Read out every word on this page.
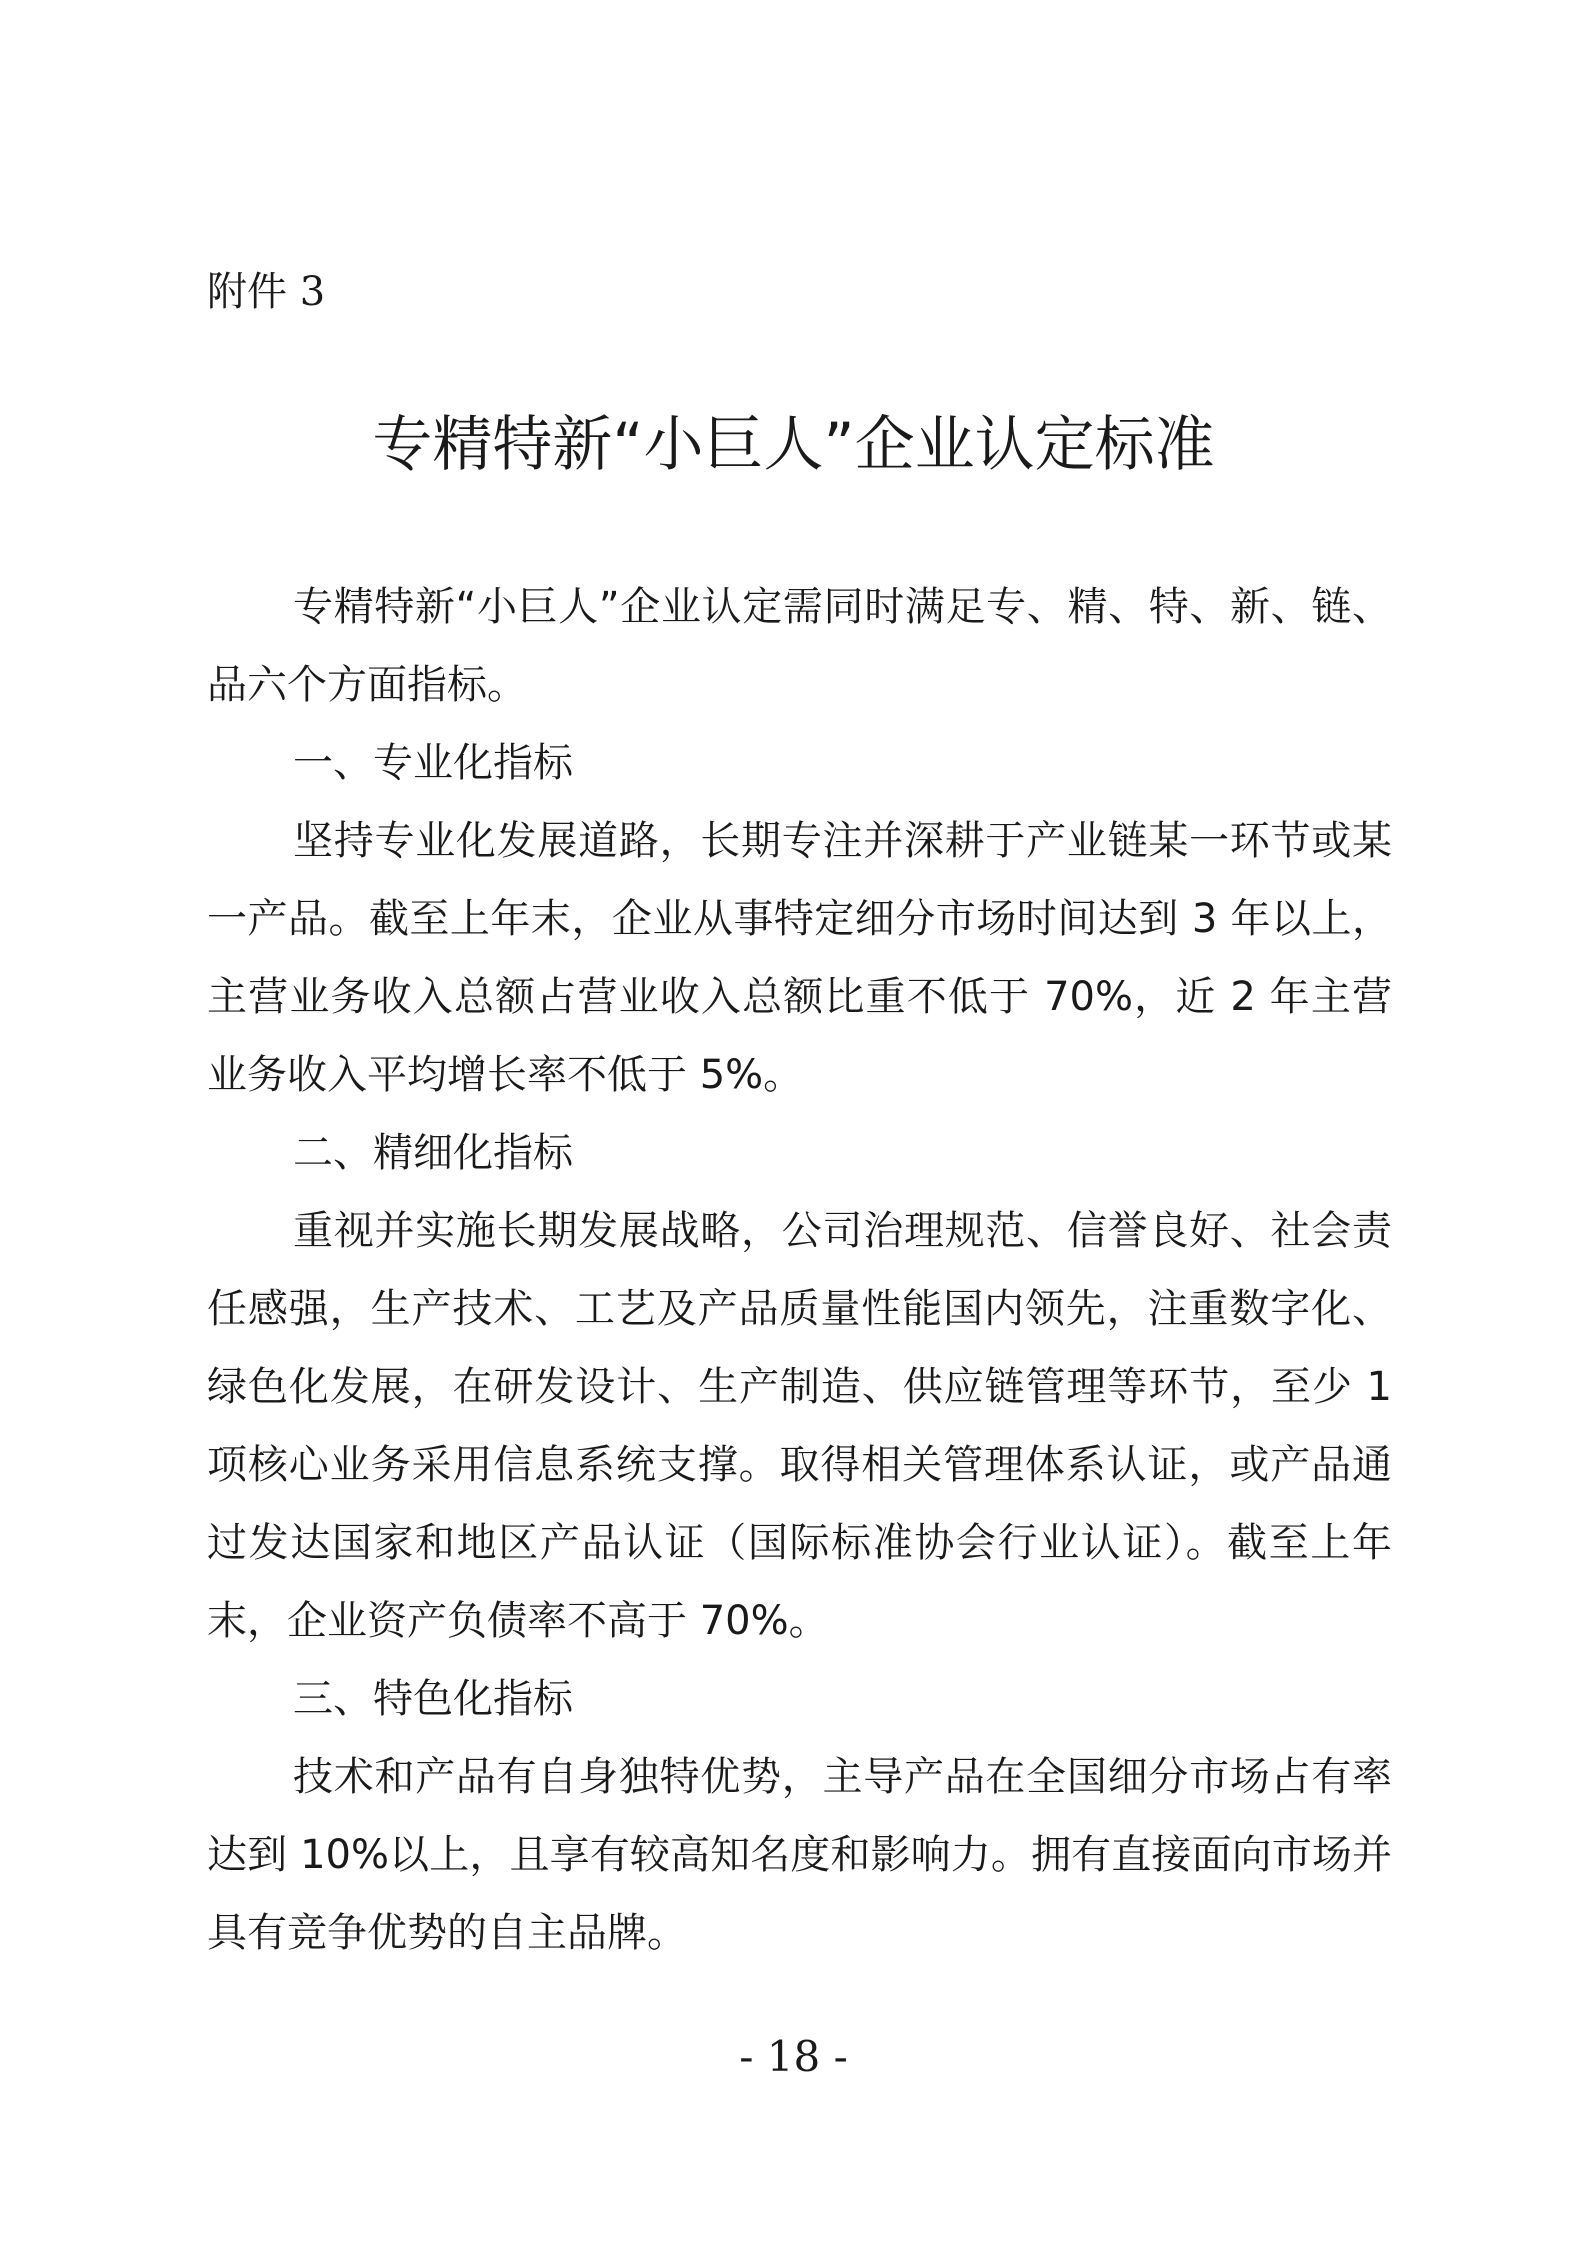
附件 3
专精特新“小巨人”企业认定标准

专精特新“小巨人”企业认定需同时满足专、精、特、新、链、品六个方面指标。

一、专业化指标

坚持专业化发展道路，长期专注并深耕于产业链某一环节或某一产品。截至上年末，企业从事特定细分市场时间达到 3 年以上，主营业务收入总额占营业收入总额比重不低于 70%，近 2 年主营业务收入平均增长率不低于 5%。

二、精细化指标

重视并实施长期发展战略，公司治理规范、信誉良好、社会责任感强，生产技术、工艺及产品质量性能国内领先，注重数字化、绿色化发展，在研发设计、生产制造、供应链管理等环节，至少 1 项核心业务采用信息系统支撑。取得相关管理体系认证，或产品通过发达国家和地区产品认证（国际标准协会行业认证）。截至上年末，企业资产负债率不高于 70%。

三、特色化指标

技术和产品有自身独特优势，主导产品在全国细分市场占有率达到 10%以上，且享有较高知名度和影响力。拥有直接面向市场并具有竞争优势的自主品牌。

- 18 -
